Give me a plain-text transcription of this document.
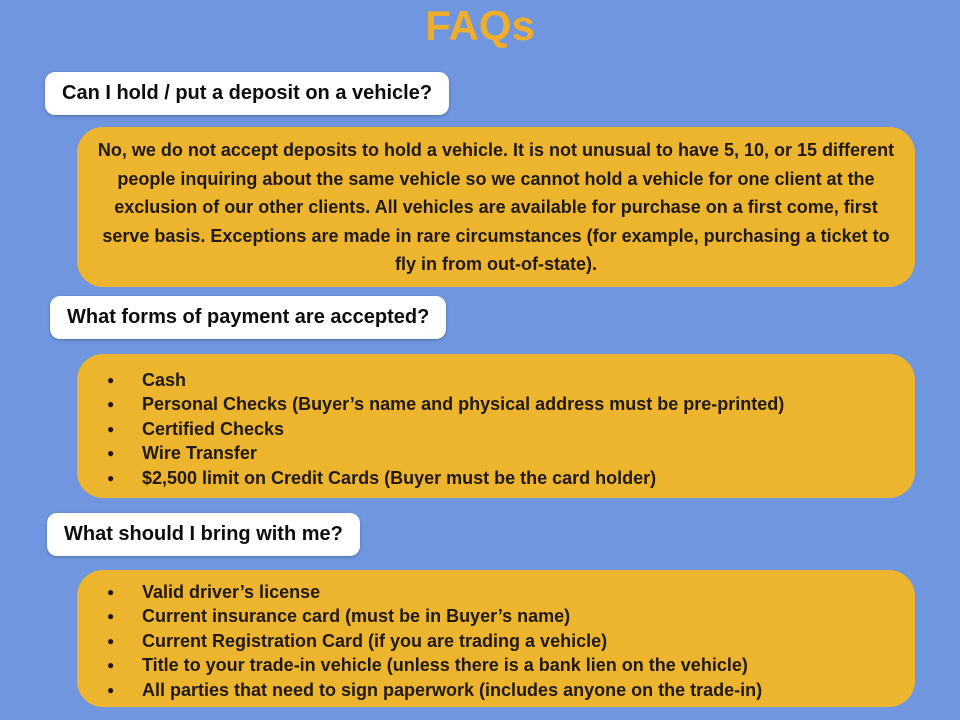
FAQs
Can I hold / put a deposit on a vehicle?
No, we do not accept deposits to hold a vehicle. It is not unusual to have 5, 10, or 15 different people inquiring about the same vehicle so we cannot hold a vehicle for one client at the exclusion of our other clients. All vehicles are available for purchase on a first come, first serve basis. Exceptions are made in rare circumstances (for example, purchasing a ticket to fly in from out-of-state).
What forms of payment are accepted?
●	Cash
●	Personal Checks (Buyer’s name and physical address must be pre-printed)
●	Certified Checks
●	Wire Transfer
●	$2,500 limit on Credit Cards (Buyer must be the card holder)
What should I bring with me?
●	Valid driver’s license
●	Current insurance card (must be in Buyer’s name)
●	Current Registration Card (if you are trading a vehicle)
●	Title to your trade-in vehicle (unless there is a bank lien on the vehicle)
●	All parties that need to sign paperwork (includes anyone on the trade-in)
